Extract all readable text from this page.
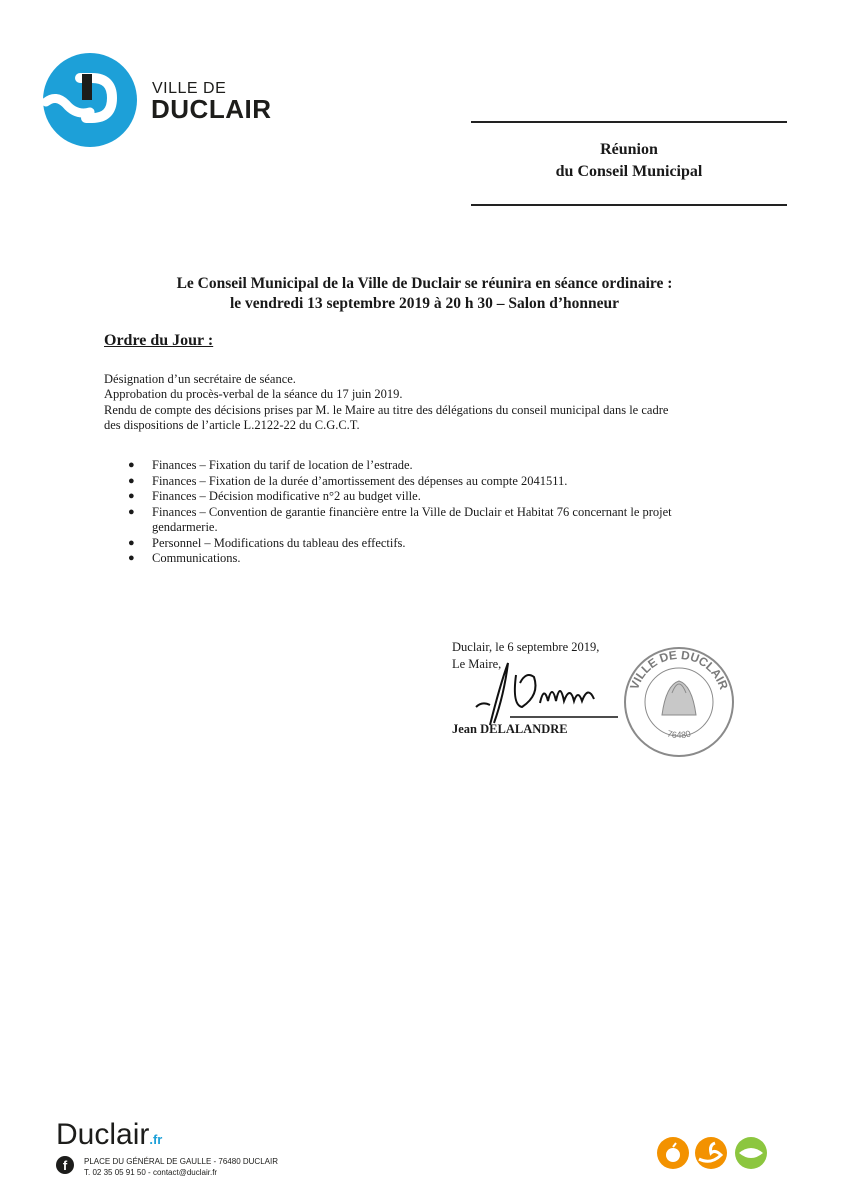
VILLE DE
DUCLAIR
Réunion
du Conseil Municipal
Le Conseil Municipal de la Ville de Duclair se réunira en séance ordinaire :
le vendredi 13 septembre 2019 à 20 h 30 – Salon d’honneur
Ordre du Jour :
Désignation d’un secrétaire de séance.
Approbation du procès-verbal de la séance du 17 juin 2019.
Rendu de compte des décisions prises par M. le Maire au titre des délégations du conseil municipal dans le cadre
des dispositions de l’article L.2122-22 du C.G.C.T.
●	Finances – Fixation du tarif de location de l’estrade.
●	Finances – Fixation de la durée d’amortissement des dépenses au compte 2041511.
●	Finances – Décision modificative n°2 au budget ville.
●	Finances – Convention de garantie financière entre la Ville de Duclair et Habitat 76 concernant le projet gendarmerie.
●	Personnel – Modifications du tableau des effectifs.
●	Communications.
Duclair, le 6 septembre 2019,
Le Maire,
Jean DELALANDRE
VILLE DE DUCLAIR
76480
Duclair.fr
f	PLACE DU GÉNÉRAL DE GAULLE - 76480 DUCLAIR
T. 02 35 05 91 50 - contact@duclair.fr
